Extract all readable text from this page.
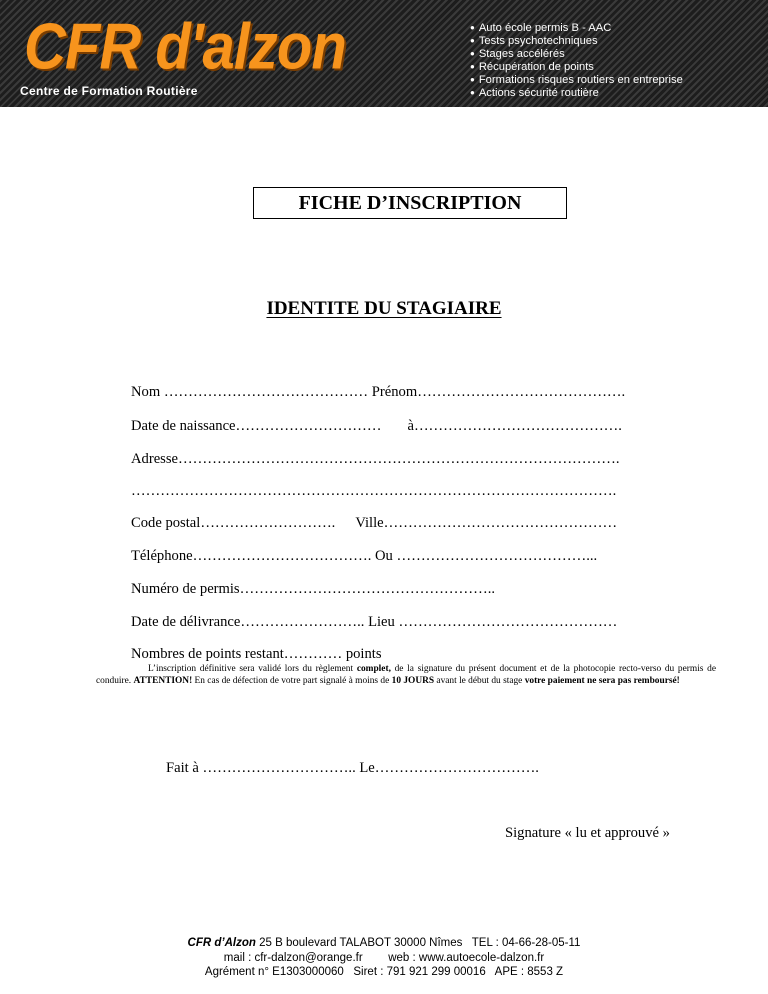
CFR d'alzon
Centre de Formation Routière
● Auto école permis B - AAC
● Tests psychotechniques
● Stages accélérés
● Récupération de points
● Formations risques routiers en entreprise
● Actions sécurité routière
FICHE D’INSCRIPTION
IDENTITE DU STAGIAIRE
Nom …………………………………… Prénom…………………………………….
Date de naissance………………………… à…………………………………….
Adresse……………………………………………………………………………….
……………………………………………………………………………………….
Code postal………………………. Ville…………………………………………
Téléphone………………………………. Ou …………………………………...
Numéro de permis……………………………………………..
Date de délivrance…………………….. Lieu ………………………………………
Nombres de points restant………… points
L’inscription définitive sera validé lors du règlement complet, de la signature du présent document et de la photocopie recto-verso du permis de conduire. ATTENTION! En cas de défection de votre part signalé à moins de 10 JOURS avant le début du stage votre paiement ne sera pas remboursé!
Fait à ………………………….. Le…………………………….
Signature « lu et approuvé »
CFR d’Alzon 25 B boulevard TALABOT 30000 Nîmes   TEL : 04-66-28-05-11
mail : cfr-dalzon@orange.fr        web : www.autoecole-dalzon.fr
Agrément n° E1303000060   Siret : 791 921 299 00016   APE : 8553 Z
